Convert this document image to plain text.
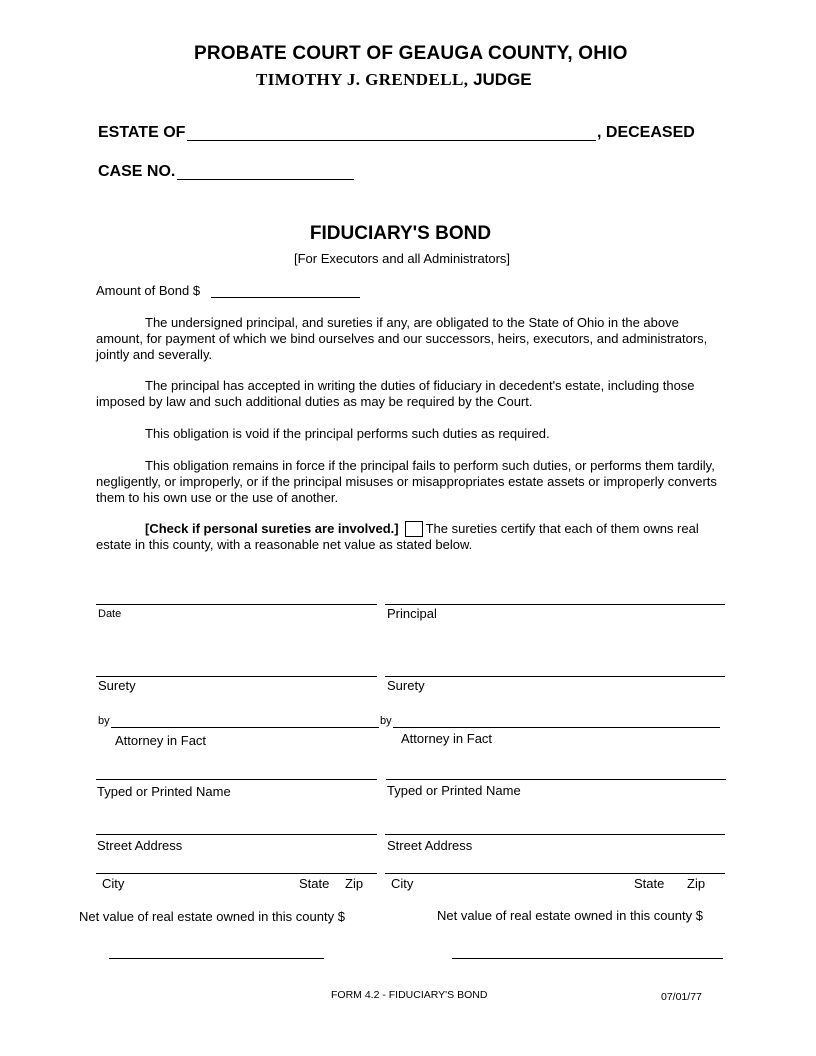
PROBATE COURT OF GEAUGA COUNTY, OHIO
TIMOTHY J. GRENDELL, JUDGE
ESTATE OF	, DECEASED
CASE NO.
FIDUCIARY'S BOND
[For Executors and all Administrators]
Amount of Bond $
The undersigned principal, and sureties if any, are obligated to the State of Ohio in the above amount, for payment of which we bind ourselves and our successors, heirs, executors, and administrators, jointly and severally.
The principal has accepted in writing the duties of fiduciary in decedent's estate, including those imposed by law and such additional duties as may be required by the Court.
This obligation is void if the principal performs such duties as required.
This obligation remains in force if the principal fails to perform such duties, or performs them tardily, negligently, or improperly, or if the principal misuses or misappropriates estate assets or improperly converts them to his own use or the use of another.
[Check if personal sureties are involved.] The sureties certify that each of them owns real estate in this county, with a reasonable net value as stated below.
Date	Principal
Surety	Surety
by	by
Attorney in Fact	Attorney in Fact
Typed or Printed Name	Typed or Printed Name
Street Address	Street Address
City	State Zip City	State Zip
Net value of real estate owned in this county $	Net value of real estate owned in this county $
FORM 4.2 - FIDUCIARY'S BOND	07/01/77
